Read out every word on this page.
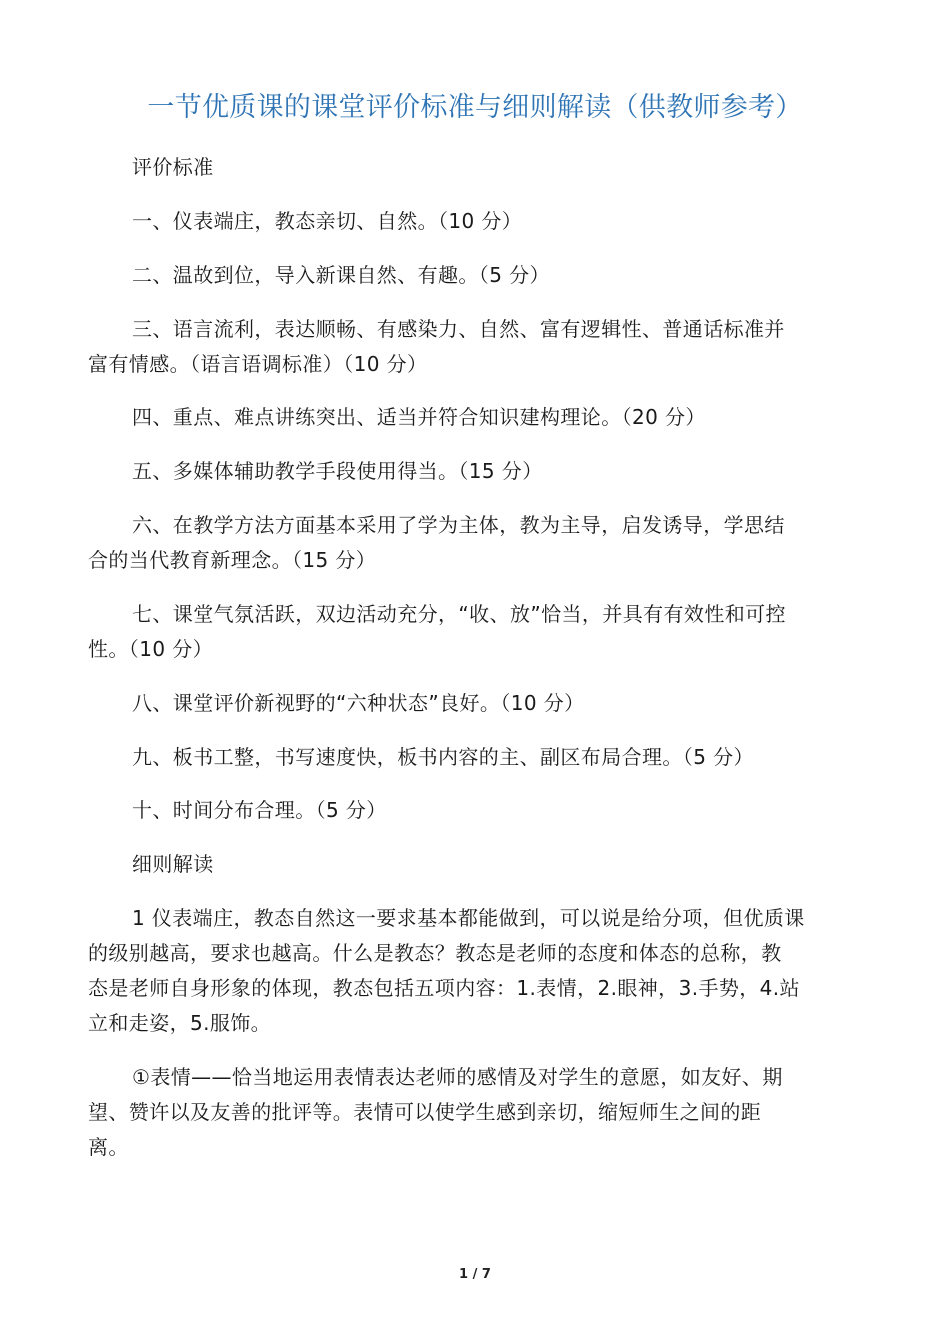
一节优质课的课堂评价标准与细则解读（供教师参考）
评价标准
一、仪表端庄，教态亲切、自然。（10 分）
二、温故到位，导入新课自然、有趣。（5 分）
三、语言流利，表达顺畅、有感染力、自然、富有逻辑性、普通话标准并
富有情感。（语言语调标准）（10 分）
四、重点、难点讲练突出、适当并符合知识建构理论。（20 分）
五、多媒体辅助教学手段使用得当。（15 分）
六、在教学方法方面基本采用了学为主体，教为主导，启发诱导，学思结
合的当代教育新理念。（15 分）
七、课堂气氛活跃，双边活动充分，“收、放”恰当，并具有有效性和可控
性。（10 分）
八、课堂评价新视野的“六种状态”良好。（10 分）
九、板书工整，书写速度快，板书内容的主、副区布局合理。（5 分）
十、时间分布合理。（5 分）
细则解读
1 仪表端庄，教态自然这一要求基本都能做到，可以说是给分项，但优质课
的级别越高，要求也越高。什么是教态？教态是老师的态度和体态的总称，教
态是老师自身形象的体现，教态包括五项内容：1.表情，2.眼神，3.手势，4.站
立和走姿，5.服饰。
①表情——恰当地运用表情表达老师的感情及对学生的意愿，如友好、期
望、赞许以及友善的批评等。表情可以使学生感到亲切，缩短师生之间的距
离。
1 / 7
